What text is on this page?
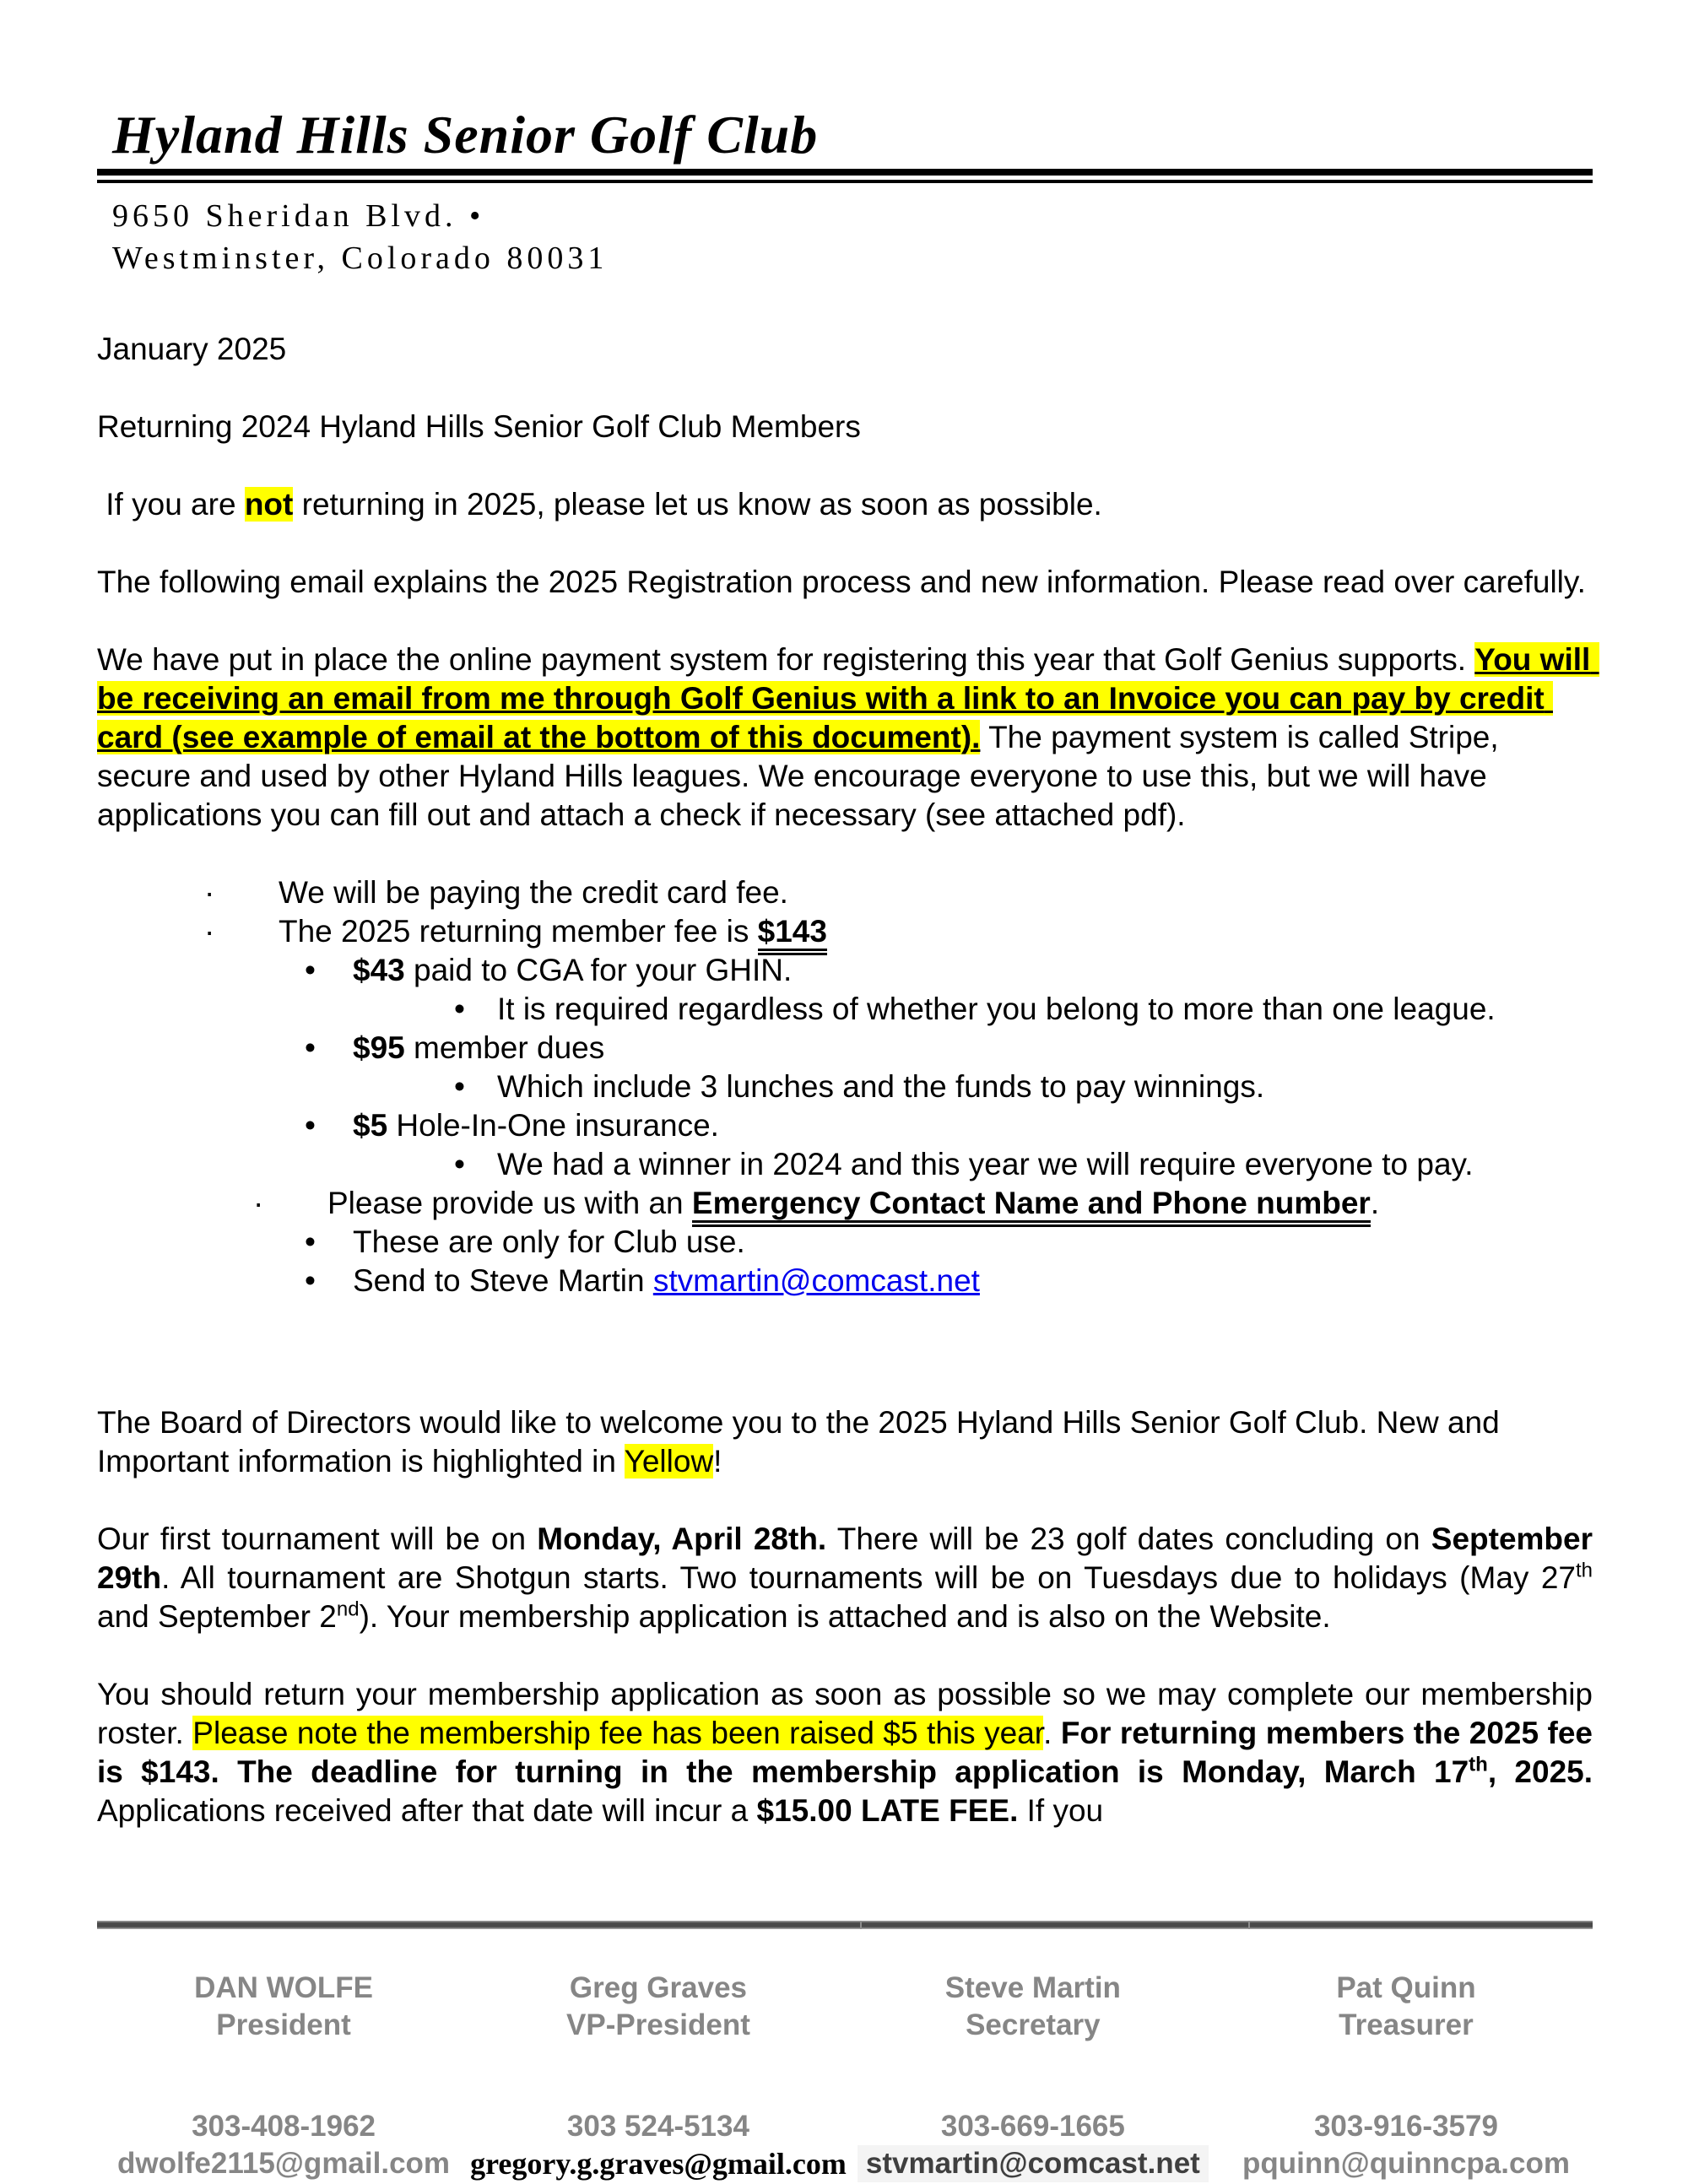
Hyland Hills Senior Golf Club
9650 Sheridan Blvd. •
Westminster, Colorado 80031

January 2025

Returning 2024 Hyland Hills Senior Golf Club Members

If you are not returning in 2025, please let us know as soon as possible.

The following email explains the 2025 Registration process and new information. Please read over carefully.

We have put in place the online payment system for registering this year that Golf Genius supports. You will be receiving an email from me through Golf Genius with a link to an Invoice you can pay by credit card (see example of email at the bottom of this document). The payment system is called Stripe, secure and used by other Hyland Hills leagues. We encourage everyone to use this, but we will have applications you can fill out and attach a check if necessary (see attached pdf).

·	We will be paying the credit card fee.
·	The 2025 returning member fee is $143
•	$43 paid to CGA for your GHIN.
•	It is required regardless of whether you belong to more than one league.
•	$95 member dues
•	Which include 3 lunches and the funds to pay winnings.
•	$5 Hole-In-One insurance.
•	We had a winner in 2024 and this year we will require everyone to pay.
·	Please provide us with an Emergency Contact Name and Phone number.
•	These are only for Club use.
•	Send to Steve Martin stvmartin@comcast.net

The Board of Directors would like to welcome you to the 2025 Hyland Hills Senior Golf Club. New and Important information is highlighted in Yellow!

Our first tournament will be on Monday, April 28th. There will be 23 golf dates concluding on September 29th. All tournament are Shotgun starts. Two tournaments will be on Tuesdays due to holidays (May 27th and September 2nd). Your membership application is attached and is also on the Website.

You should return your membership application as soon as possible so we may complete our membership roster. Please note the membership fee has been raised $5 this year. For returning members the 2025 fee is $143. The deadline for turning in the membership application is Monday, March 17th, 2025. Applications received after that date will incur a $15.00 LATE FEE. If you

DAN WOLFE
President
303-408-1962
dwolfe2115@gmail.com
Greg Graves
VP-President
303 524-5134
gregory.g.graves@gmail.com
Steve Martin
Secretary
303-669-1665
stvmartin@comcast.net
Pat Quinn
Treasurer
303-916-3579
pquinn@quinncpa.com
